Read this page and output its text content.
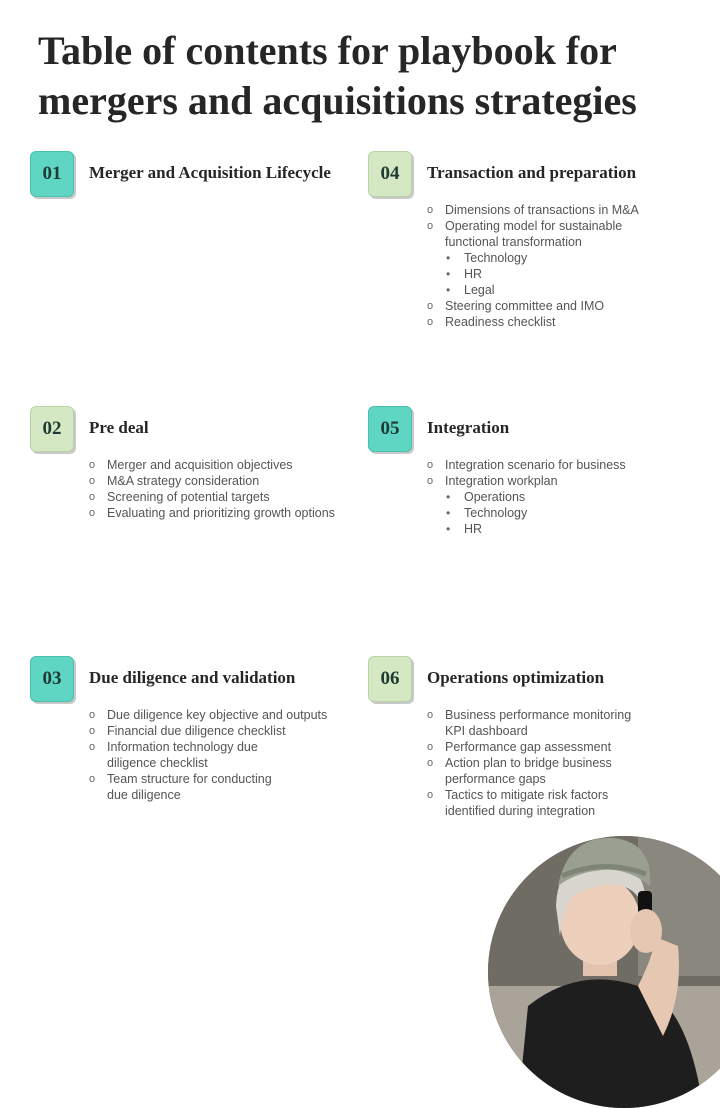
Table of contents for playbook for
mergers and acquisitions strategies
01	Merger and Acquisition Lifecycle	04	Transaction and preparation
o Dimensions of transactions in M&A
o Operating model for sustainable
functional transformation
• Technology
• HR
• Legal
o Steering committee and IMO
o Readiness checklist
02	Pre deal
o Merger and acquisition objectives
o M&A strategy consideration
o Screening of potential targets
o Evaluating and prioritizing growth options
05	Integration
o Integration scenario for business
o Integration workplan
• Operations
• Technology
• HR
03	Due diligence and validation
o Due diligence key objective and outputs
o Financial due diligence checklist
o Information technology due
diligence checklist
o Team structure for conducting
due diligence
06	Operations optimization
o Business performance monitoring
KPI dashboard
o Performance gap assessment
o Action plan to bridge business
performance gaps
o Tactics to mitigate risk factors
identified during integration
